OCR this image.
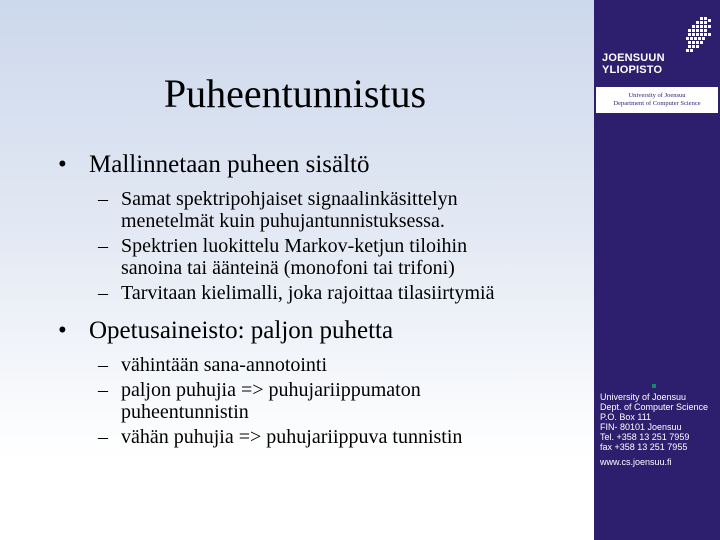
Puheentunnistus
• Mallinnetaan puheen sisältö
– Samat spektripohjaiset signaalinkäsittelyn
menetelmät kuin puhujantunnistuksessa.
– Spektrien luokittelu Markov-ketjun tiloihin
sanoina tai äänteinä (monofoni tai trifoni)
– Tarvitaan kielimalli, joka rajoittaa tilasiirtymiä
• Opetusaineisto: paljon puhetta
– vähintään sana-annotointi
– paljon puhujia => puhujariippumaton
puheentunnistin
– vähän puhujia => puhujariippuva tunnistin
JOENSUUN
YLIOPISTO
University of Joensuu
Department of Computer Science
University of Joensuu
Dept. of Computer Science
P.O. Box 111
FIN- 80101 Joensuu
Tel. +358 13 251 7959
fax +358 13 251 7955
www.cs.joensuu.fi
